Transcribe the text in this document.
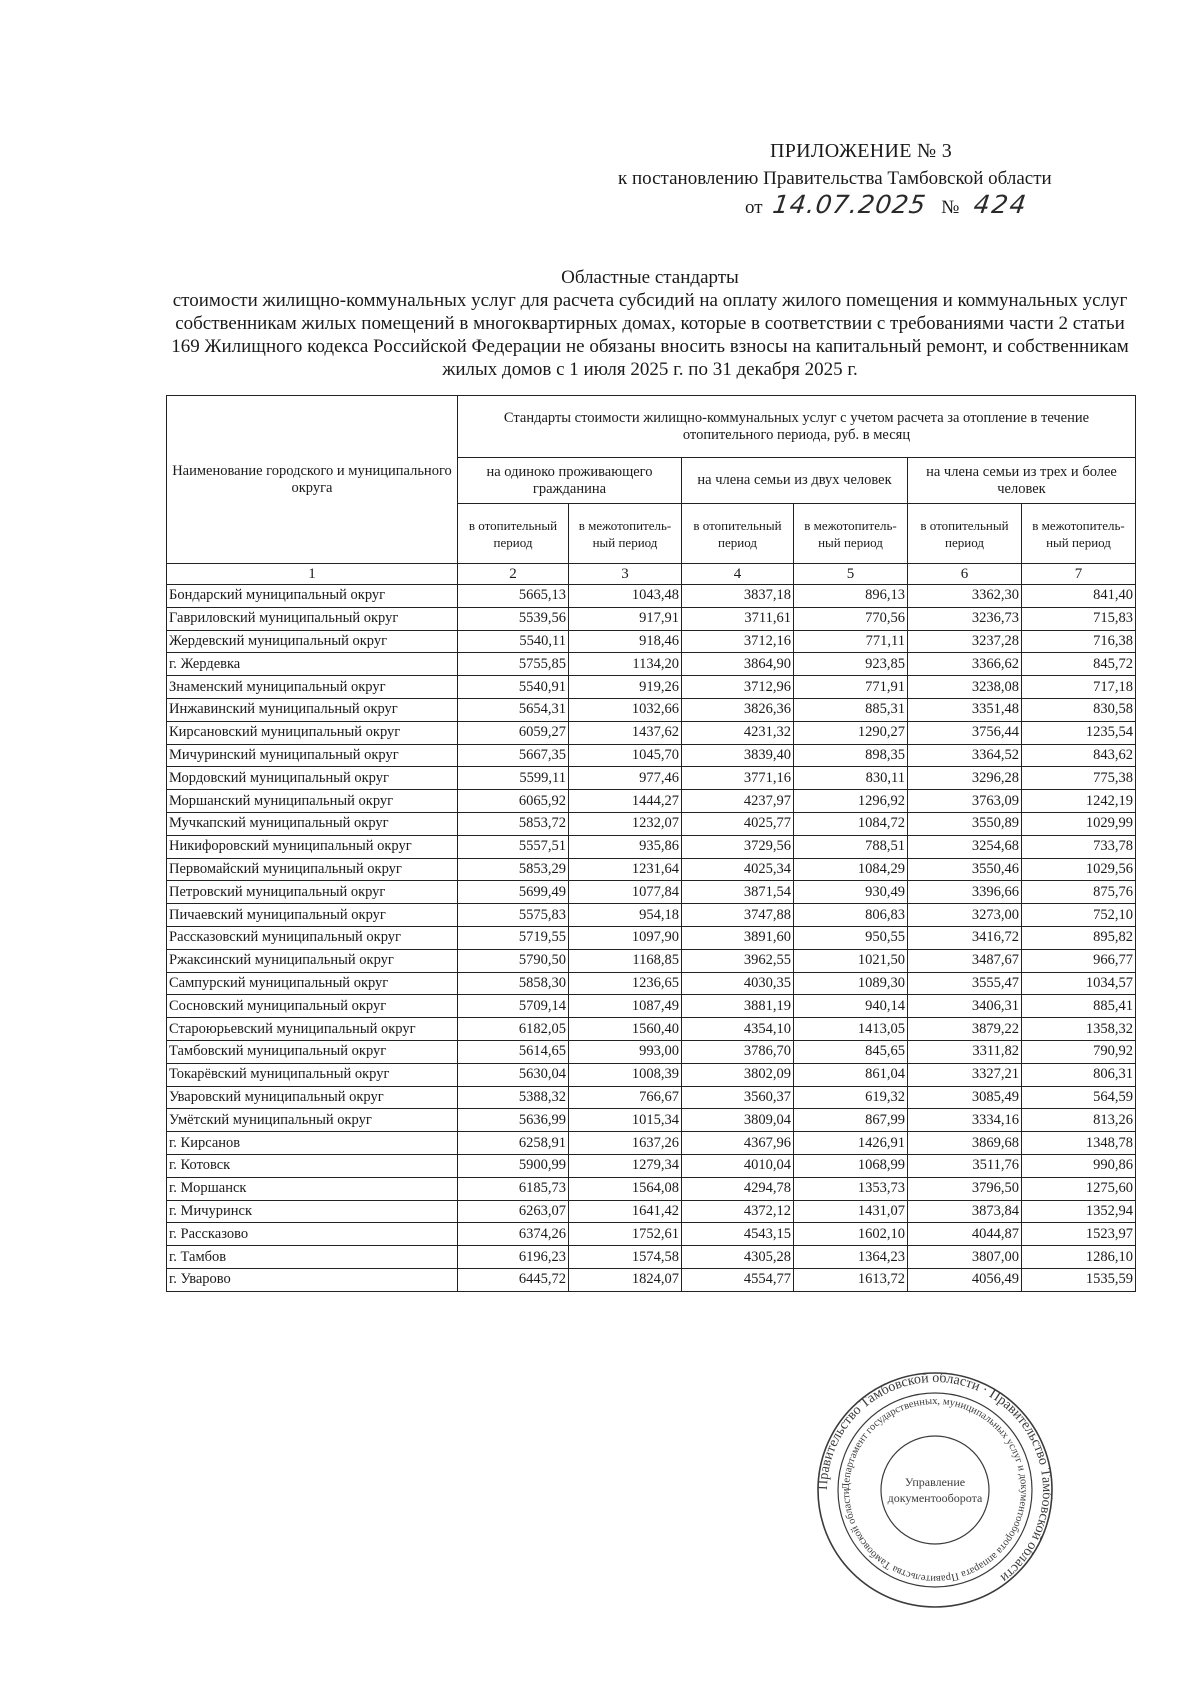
ПРИЛОЖЕНИЕ № 3
к постановлению Правительства Тамбовской области
от 14.07.2025 № 424
Областные стандарты
стоимости жилищно-коммунальных услуг для расчета субсидий на оплату жилого помещения и коммунальных услуг собственникам жилых помещений в многоквартирных домах, которые в соответствии с требованиями части 2 статьи 169 Жилищного кодекса Российской Федерации не обязаны вносить взносы на капитальный ремонт, и собственникам жилых домов с 1 июля 2025 г. по 31 декабря 2025 г.
Наименование городского и муниципального округа	Стандарты стоимости жилищно-коммунальных услуг с учетом расчета за отопление в течение отопительного периода, руб. в месяц					
	на одиноко проживающего гражданина		на члена семьи из двух человек		на члена семьи из трех и более человек	
	в отопительный период	в межотопитель-ный период	в отопительный период	в межотопитель-ный период	в отопительный период	в межотопитель-ный период
1	2	3	4	5	6	7
Бондарский муниципальный округ	5665,13	1043,48	3837,18	896,13	3362,30	841,40
Гавриловский муниципальный округ	5539,56	917,91	3711,61	770,56	3236,73	715,83
Жердевский муниципальный округ	5540,11	918,46	3712,16	771,11	3237,28	716,38
г. Жердевка	5755,85	1134,20	3864,90	923,85	3366,62	845,72
Знаменский муниципальный округ	5540,91	919,26	3712,96	771,91	3238,08	717,18
Инжавинский муниципальный округ	5654,31	1032,66	3826,36	885,31	3351,48	830,58
Кирсановский муниципальный округ	6059,27	1437,62	4231,32	1290,27	3756,44	1235,54
Мичуринский муниципальный округ	5667,35	1045,70	3839,40	898,35	3364,52	843,62
Мордовский муниципальный округ	5599,11	977,46	3771,16	830,11	3296,28	775,38
Моршанский муниципальный округ	6065,92	1444,27	4237,97	1296,92	3763,09	1242,19
Мучкапский муниципальный округ	5853,72	1232,07	4025,77	1084,72	3550,89	1029,99
Никифоровский муниципальный округ	5557,51	935,86	3729,56	788,51	3254,68	733,78
Первомайский муниципальный округ	5853,29	1231,64	4025,34	1084,29	3550,46	1029,56
Петровский муниципальный округ	5699,49	1077,84	3871,54	930,49	3396,66	875,76
Пичаевский муниципальный округ	5575,83	954,18	3747,88	806,83	3273,00	752,10
Рассказовский муниципальный округ	5719,55	1097,90	3891,60	950,55	3416,72	895,82
Ржаксинский муниципальный округ	5790,50	1168,85	3962,55	1021,50	3487,67	966,77
Сампурский муниципальный округ	5858,30	1236,65	4030,35	1089,30	3555,47	1034,57
Сосновский муниципальный округ	5709,14	1087,49	3881,19	940,14	3406,31	885,41
Староюрьевский муниципальный округ	6182,05	1560,40	4354,10	1413,05	3879,22	1358,32
Тамбовский муниципальный округ	5614,65	993,00	3786,70	845,65	3311,82	790,92
Токарёвский муниципальный округ	5630,04	1008,39	3802,09	861,04	3327,21	806,31
Уваровский муниципальный округ	5388,32	766,67	3560,37	619,32	3085,49	564,59
Умётский муниципальный округ	5636,99	1015,34	3809,04	867,99	3334,16	813,26
г. Кирсанов	6258,91	1637,26	4367,96	1426,91	3869,68	1348,78
г. Котовск	5900,99	1279,34	4010,04	1068,99	3511,76	990,86
г. Моршанск	6185,73	1564,08	4294,78	1353,73	3796,50	1275,60
г. Мичуринск	6263,07	1641,42	4372,12	1431,07	3873,84	1352,94
г. Рассказово	6374,26	1752,61	4543,15	1602,10	4044,87	1523,97
г. Тамбов	6196,23	1574,58	4305,28	1364,23	3807,00	1286,10
г. Уварово	6445,72	1824,07	4554,77	1613,72	4056,49	1535,59
Правительство Тамбовской области · Правительство Тамбовской области
Департамент государственных, муниципальных услуг и документооборота аппарата Правительства Тамбовской области
Управление
документооборота
